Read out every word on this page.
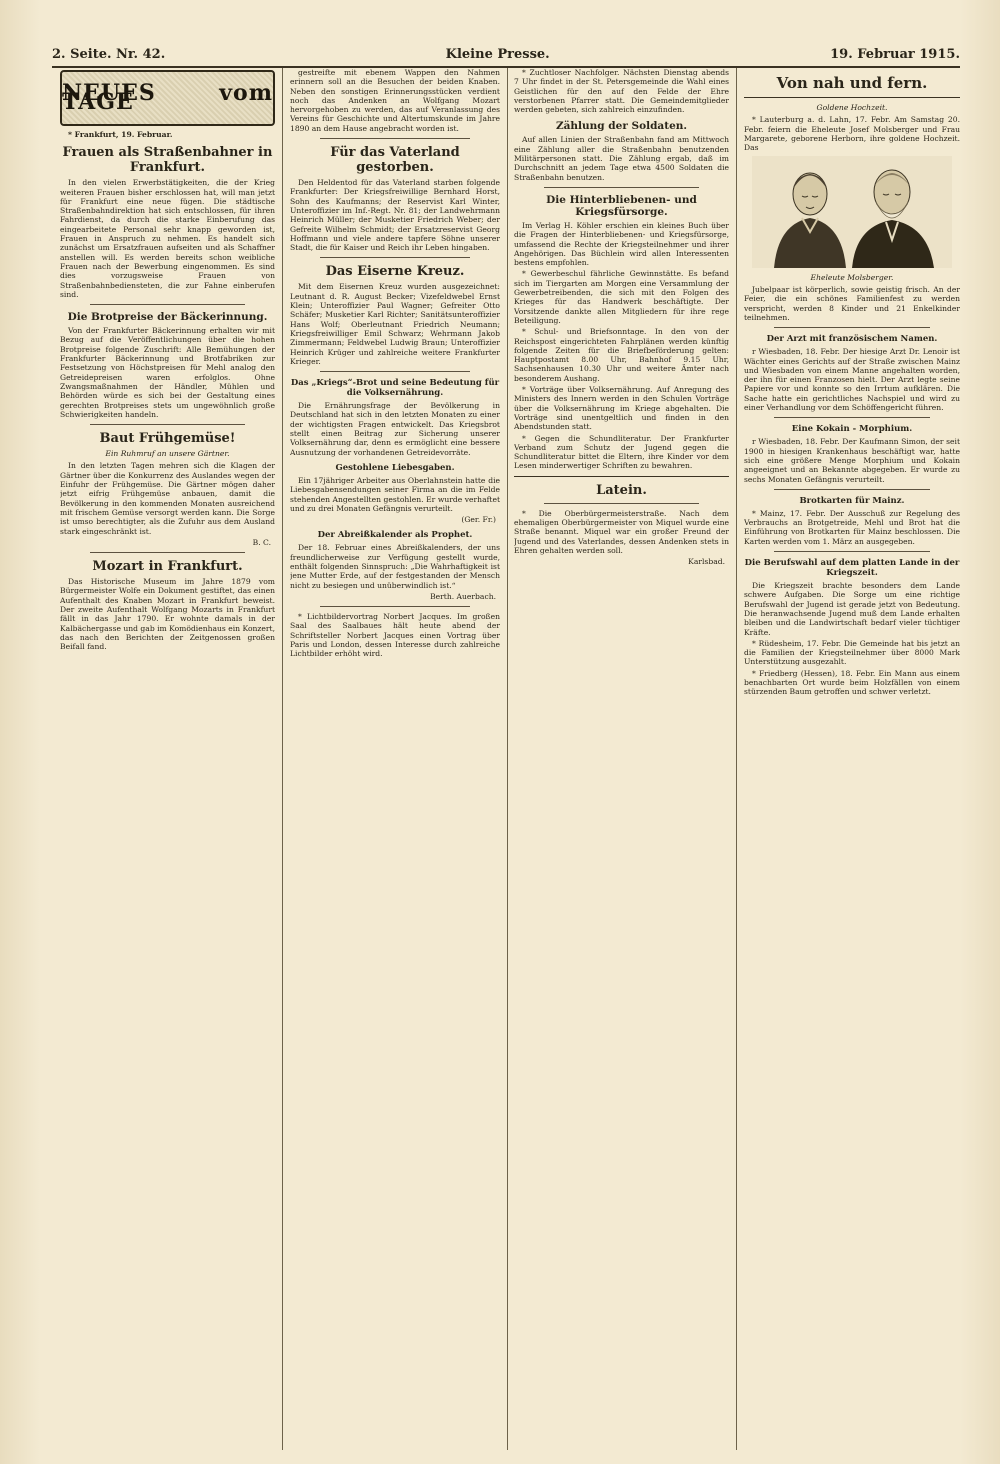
2. Seite. Nr. 42.	Kleine Presse.	19. Februar 1915.
NEUES vom TAGE

* Frankfurt, 19. Februar.

Frauen als Straßenbahner in Frankfurt.

In den vielen Erwerbstätigkeiten, die der Krieg weiteren Frauen bisher erschlossen hat, will man jetzt für Frankfurt eine neue fügen. Die städtische Straßenbahndirektion hat sich entschlossen, für ihren Fahrdienst, da durch die starke Einberufung das eingearbeitete Personal sehr knapp geworden ist, Frauen in Anspruch zu nehmen. Es handelt sich zunächst um Ersatzfrauen aufseiten und als Schaffner anstellen will. Es werden bereits schon weibliche Frauen nach der Bewerbung eingenommen. Es sind dies vorzugsweise Frauen von Straßenbahnbediensteten, die zur Fahne einberufen sind.

Die Brotpreise der Bäckerinnung.

Von der Frankfurter Bäckerinnung erhalten wir mit Bezug auf die Veröffentlichungen über die hohen Brotpreise folgende Zuschrift: Alle Bemühungen der Frankfurter Bäckerinnung und Brotfabriken zur Festsetzung von Höchstpreisen für Mehl analog den Getreidepreisen waren erfolglos. Ohne Zwangsmaßnahmen der Händler, Mühlen und Behörden würde es sich bei der Gestaltung eines gerechten Brotpreises stets um ungewöhnlich große Schwierigkeiten handeln.

Baut Frühgemüse!
Ein Ruhmruf an unsere Gärtner.

In den letzten Tagen mehren sich die Klagen der Gärtner über die Konkurrenz des Auslandes wegen der Einfuhr der Frühgemüse. Die Gärtner mögen daher jetzt eifrig Frühgemüse anbauen, damit die Bevölkerung in den kommenden Monaten ausreichend mit frischem Gemüse versorgt werden kann. Die Sorge ist umso berechtigter, als die Zufuhr aus dem Ausland stark eingeschränkt ist.

B. C.
Mozart in Frankfurt.

Das Historische Museum im Jahre 1879 vom Bürgermeister Wolfe ein Dokument gestiftet, das einen Aufenthalt des Knaben Mozart in Frankfurt beweist. Der zweite Aufenthalt Wolfgang Mozarts in Frankfurt fällt in das Jahr 1790. Er wohnte damals in der Kalbächergasse und gab im Komödienhaus ein Konzert, das nach den Berichten der Zeitgenossen großen Beifall fand.

gestreifte mit ebenem Wappen den Nahmen erinnern soll an die Besuchen der beiden Knaben. Neben den sonstigen Erinnerungsstücken verdient noch das Andenken an Wolfgang Mozart hervorgehoben zu werden, das auf Veranlassung des Vereins für Geschichte und Altertumskunde im Jahre 1890 an dem Hause angebracht worden ist.

Für das Vaterland gestorben.

Den Heldentod für das Vaterland starben folgende Frankfurter: Der Kriegsfreiwillige Bernhard Horst, Sohn des Kaufmanns; der Reservist Karl Winter, Unteroffizier im Inf.-Regt. Nr. 81; der Landwehrmann Heinrich Müller; der Musketier Friedrich Weber; der Gefreite Wilhelm Schmidt; der Ersatzreservist Georg Hoffmann und viele andere tapfere Söhne unserer Stadt, die für Kaiser und Reich ihr Leben hingaben.

Das Eiserne Kreuz.

Mit dem Eisernen Kreuz wurden ausgezeichnet: Leutnant d. R. August Becker; Vizefeldwebel Ernst Klein; Unteroffizier Paul Wagner; Gefreiter Otto Schäfer; Musketier Karl Richter; Sanitätsunteroffizier Hans Wolf; Oberleutnant Friedrich Neumann; Kriegsfreiwilliger Emil Schwarz; Wehrmann Jakob Zimmermann; Feldwebel Ludwig Braun; Unteroffizier Heinrich Krüger und zahlreiche weitere Frankfurter Krieger.

Das „Kriegs“-Brot und seine Bedeutung für die Volksernährung.

Die Ernährungsfrage der Bevölkerung in Deutschland hat sich in den letzten Monaten zu einer der wichtigsten Fragen entwickelt. Das Kriegsbrot stellt einen Beitrag zur Sicherung unserer Volksernährung dar, denn es ermöglicht eine bessere Ausnutzung der vorhandenen Getreidevorräte.

Gestohlene Liebesgaben.

Ein 17jähriger Arbeiter aus Oberlahnstein hatte die Liebesgabensendungen seiner Firma an die im Felde stehenden Angestellten gestohlen. Er wurde verhaftet und zu drei Monaten Gefängnis verurteilt.

(Ger. Fr.)
Der Abreißkalender als Prophet.

Der 18. Februar eines Abreißkalenders, der uns freundlicherweise zur Verfügung gestellt wurde, enthält folgenden Sinnspruch: „Die Wahrhaftigkeit ist jene Mutter Erde, auf der festgestanden der Mensch nicht zu besiegen und unüberwindlich ist.“

Berth. Auerbach.

* Lichtbildervortrag Norbert Jacques. Im großen Saal des Saalbaues hält heute abend der Schriftsteller Norbert Jacques einen Vortrag über Paris und London, dessen Interesse durch zahlreiche Lichtbilder erhöht wird.

* Zuchtloser Nachfolger. Nächsten Dienstag abends 7 Uhr findet in der St. Petersgemeinde die Wahl eines Geistlichen für den auf den Felde der Ehre verstorbenen Pfarrer statt. Die Gemeindemitglieder werden gebeten, sich zahlreich einzufinden.

Zählung der Soldaten.

Auf allen Linien der Straßenbahn fand am Mittwoch eine Zählung aller die Straßenbahn benutzenden Militärpersonen statt. Die Zählung ergab, daß im Durchschnitt an jedem Tage etwa 4500 Soldaten die Straßenbahn benutzen.

Die Hinterbliebenen- und Kriegsfürsorge.

Im Verlag H. Köhler erschien ein kleines Buch über die Fragen der Hinterbliebenen- und Kriegsfürsorge, umfassend die Rechte der Kriegsteilnehmer und ihrer Angehörigen. Das Büchlein wird allen Interessenten bestens empfohlen.

* Gewerbeschul fährliche Gewinnstätte. Es befand sich im Tiergarten am Morgen eine Versammlung der Gewerbetreibenden, die sich mit den Folgen des Krieges für das Handwerk beschäftigte. Der Vorsitzende dankte allen Mitgliedern für ihre rege Beteiligung.

* Schul- und Briefsonntage. In den von der Reichspost eingerichteten Fahrplänen werden künftig folgende Zeiten für die Briefbeförderung gelten: Hauptpostamt 8.00 Uhr, Bahnhof 9.15 Uhr, Sachsenhausen 10.30 Uhr und weitere Ämter nach besonderem Aushang.

* Vorträge über Volksernährung. Auf Anregung des Ministers des Innern werden in den Schulen Vorträge über die Volksernährung im Kriege abgehalten. Die Vorträge sind unentgeltlich und finden in den Abendstunden statt.

* Gegen die Schundliteratur. Der Frankfurter Verband zum Schutz der Jugend gegen die Schundliteratur bittet die Eltern, ihre Kinder vor dem Lesen minderwertiger Schriften zu bewahren.

Latein.

* Die Oberbürgermeisterstraße. Nach dem ehemaligen Oberbürgermeister von Miquel wurde eine Straße benannt. Miquel war ein großer Freund der Jugend und des Vaterlandes, dessen Andenken stets in Ehren gehalten werden soll.

Karlsbad.
Von nah und fern.
Goldene Hochzeit.

* Lauterburg a. d. Lahn, 17. Febr. Am Samstag 20. Febr. feiern die Eheleute Josef Molsberger und Frau Margarete, geborene Herborn, ihre goldene Hochzeit. Das

Eheleute Molsberger.

Jubelpaar ist körperlich, sowie geistig frisch. An der Feier, die ein schönes Familienfest zu werden verspricht, werden 8 Kinder und 21 Enkelkinder teilnehmen.

Der Arzt mit französischem Namen.

r Wiesbaden, 18. Febr. Der hiesige Arzt Dr. Lenoir ist Wächter eines Gerichts auf der Straße zwischen Mainz und Wiesbaden von einem Manne angehalten worden, der ihn für einen Franzosen hielt. Der Arzt legte seine Papiere vor und konnte so den Irrtum aufklären. Die Sache hatte ein gerichtliches Nachspiel und wird zu einer Verhandlung vor dem Schöffengericht führen.

Eine Kokain - Morphium.

r Wiesbaden, 18. Febr. Der Kaufmann Simon, der seit 1900 in hiesigen Krankenhaus beschäftigt war, hatte sich eine größere Menge Morphium und Kokain angeeignet und an Bekannte abgegeben. Er wurde zu sechs Monaten Gefängnis verurteilt.

Brotkarten für Mainz.

* Mainz, 17. Febr. Der Ausschuß zur Regelung des Verbrauchs an Brotgetreide, Mehl und Brot hat die Einführung von Brotkarten für Mainz beschlossen. Die Karten werden vom 1. März an ausgegeben.

Die Berufswahl auf dem platten Lande in der Kriegszeit.

Die Kriegszeit brachte besonders dem Lande schwere Aufgaben. Die Sorge um eine richtige Berufswahl der Jugend ist gerade jetzt von Bedeutung. Die heranwachsende Jugend muß dem Lande erhalten bleiben und die Landwirtschaft bedarf vieler tüchtiger Kräfte.

* Rüdesheim, 17. Febr. Die Gemeinde hat bis jetzt an die Familien der Kriegsteilnehmer über 8000 Mark Unterstützung ausgezahlt.

* Friedberg (Hessen), 18. Febr. Ein Mann aus einem benachbarten Ort wurde beim Holzfällen von einem stürzenden Baum getroffen und schwer verletzt.
